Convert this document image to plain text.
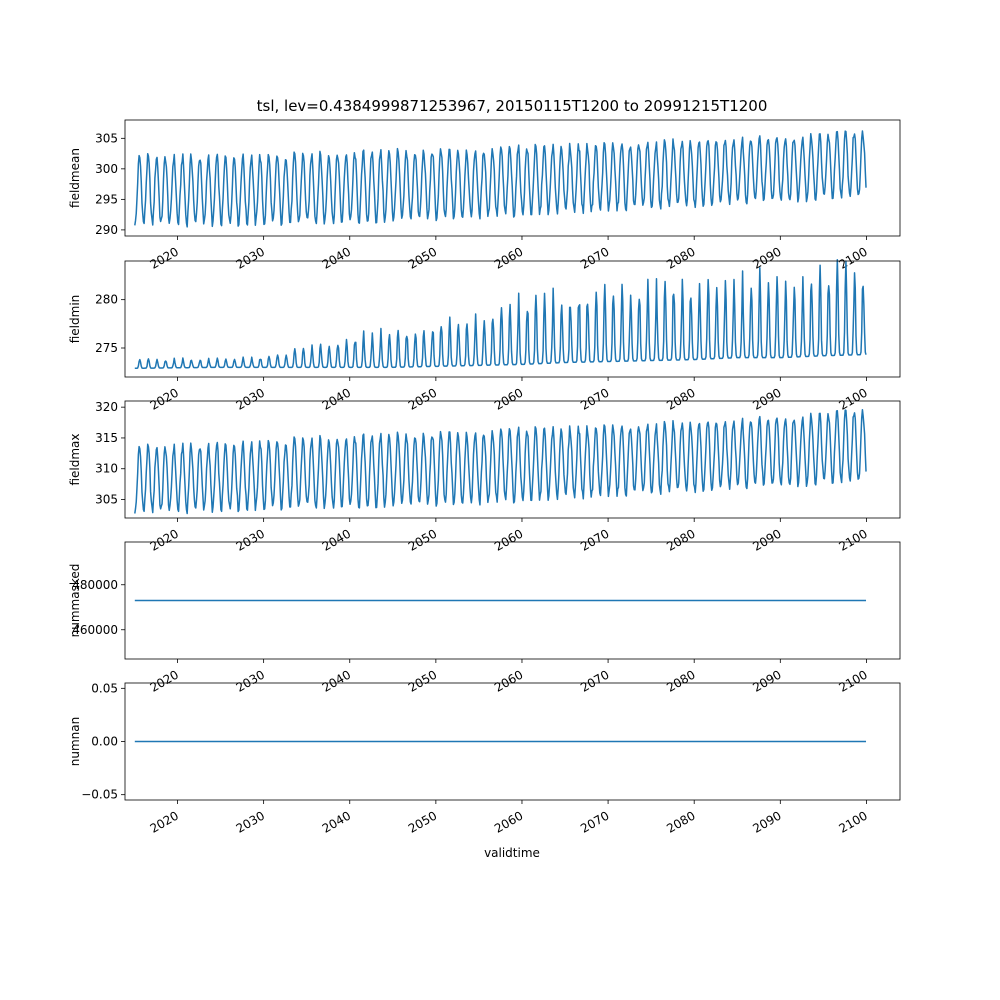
tsl, lev=0.4384999871253967, 20150115T1200 to 20991215T1200
290
295
300
305
2020	2030	2040	2050	2060	2070	2080	2090	2100
fieldmean
275
280
2020	2030	2040	2050	2060	2070	2080	2090	2100
fieldmin
305
310
315
320
2020	2030	2040	2050	2060	2070	2080	2090	2100
fieldmax
460000
480000
2020	2030	2040	2050	2060	2070	2080	2090	2100
nummasked
−0.05
0.00
0.05
2020	2030	2040	2050	2060	2070	2080	2090	2100
numnan
validtime
